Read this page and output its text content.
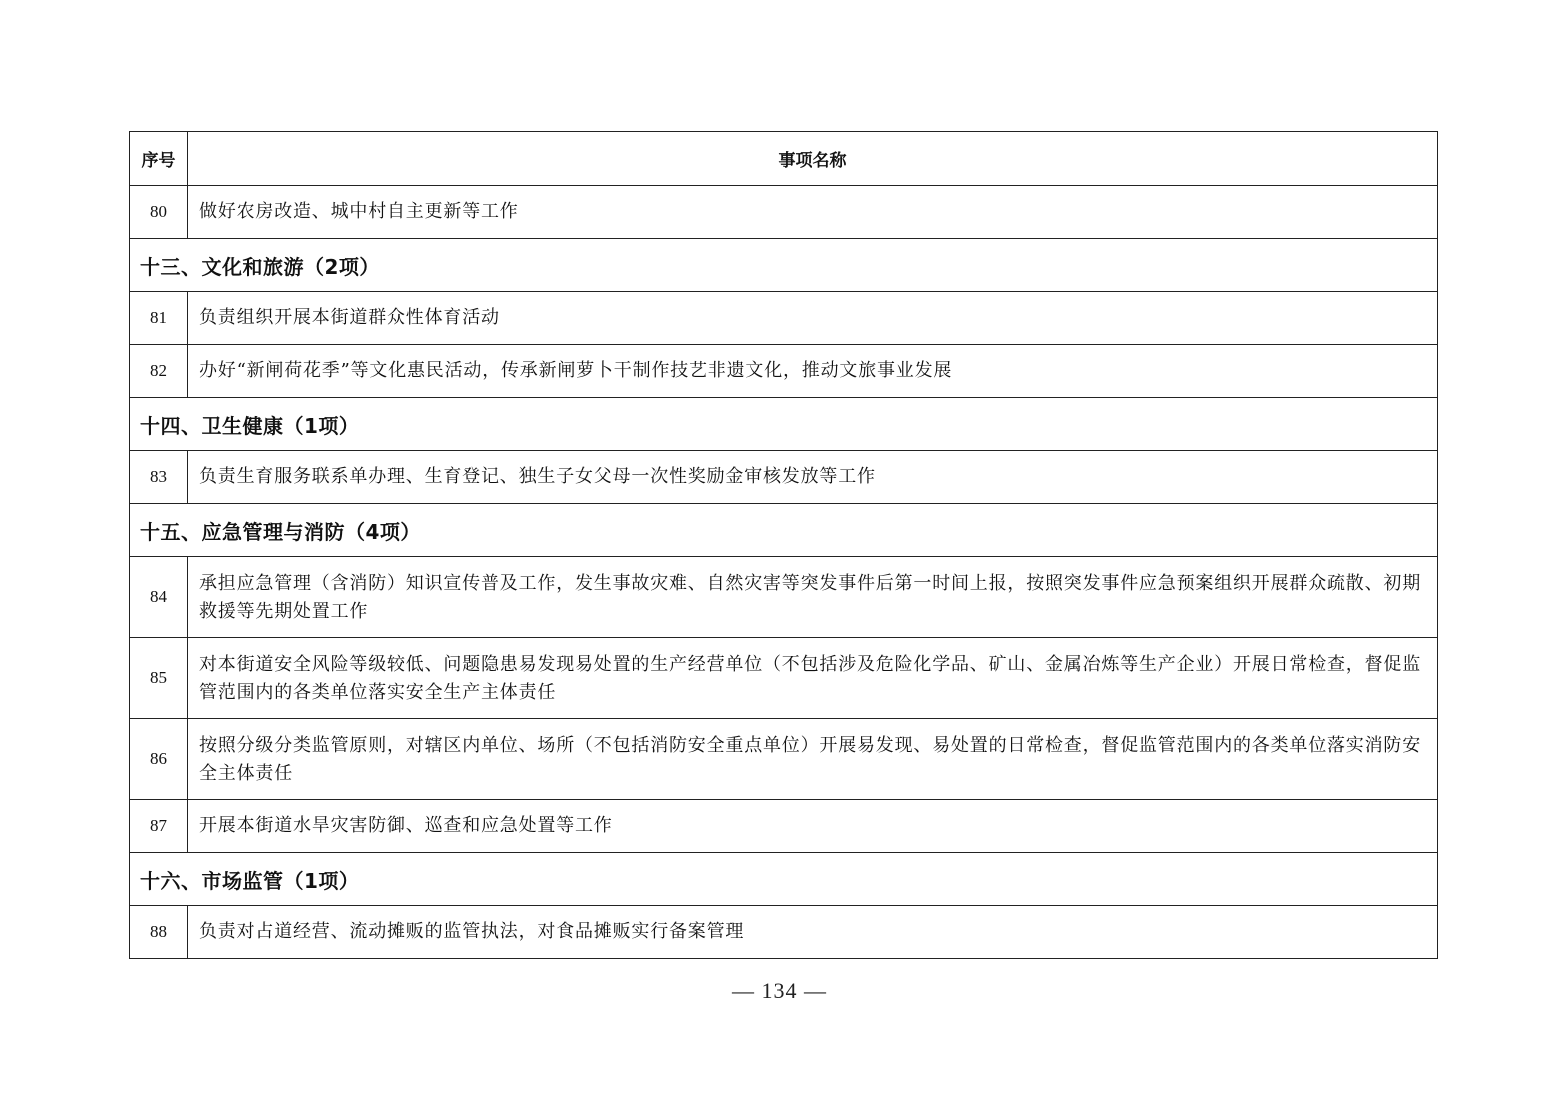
序号	事项名称
80	做好农房改造、城中村自主更新等工作
十三、文化和旅游（2项）	
81	负责组织开展本街道群众性体育活动
82	办好“新闸荷花季”等文化惠民活动，传承新闸萝卜干制作技艺非遗文化，推动文旅事业发展
十四、卫生健康（1项）	
83	负责生育服务联系单办理、生育登记、独生子女父母一次性奖励金审核发放等工作
十五、应急管理与消防（4项）	
84	承担应急管理（含消防）知识宣传普及工作，发生事故灾难、自然灾害等突发事件后第一时间上报，按照突发事件应急预案组织开展群众疏散、初期救援等先期处置工作
85	对本街道安全风险等级较低、问题隐患易发现易处置的生产经营单位（不包括涉及危险化学品、矿山、金属冶炼等生产企业）开展日常检查，督促监管范围内的各类单位落实安全生产主体责任
86	按照分级分类监管原则，对辖区内单位、场所（不包括消防安全重点单位）开展易发现、易处置的日常检查，督促监管范围内的各类单位落实消防安全主体责任
87	开展本街道水旱灾害防御、巡查和应急处置等工作
十六、市场监管（1项）	
88	负责对占道经营、流动摊贩的监管执法，对食品摊贩实行备案管理
— 134 —
